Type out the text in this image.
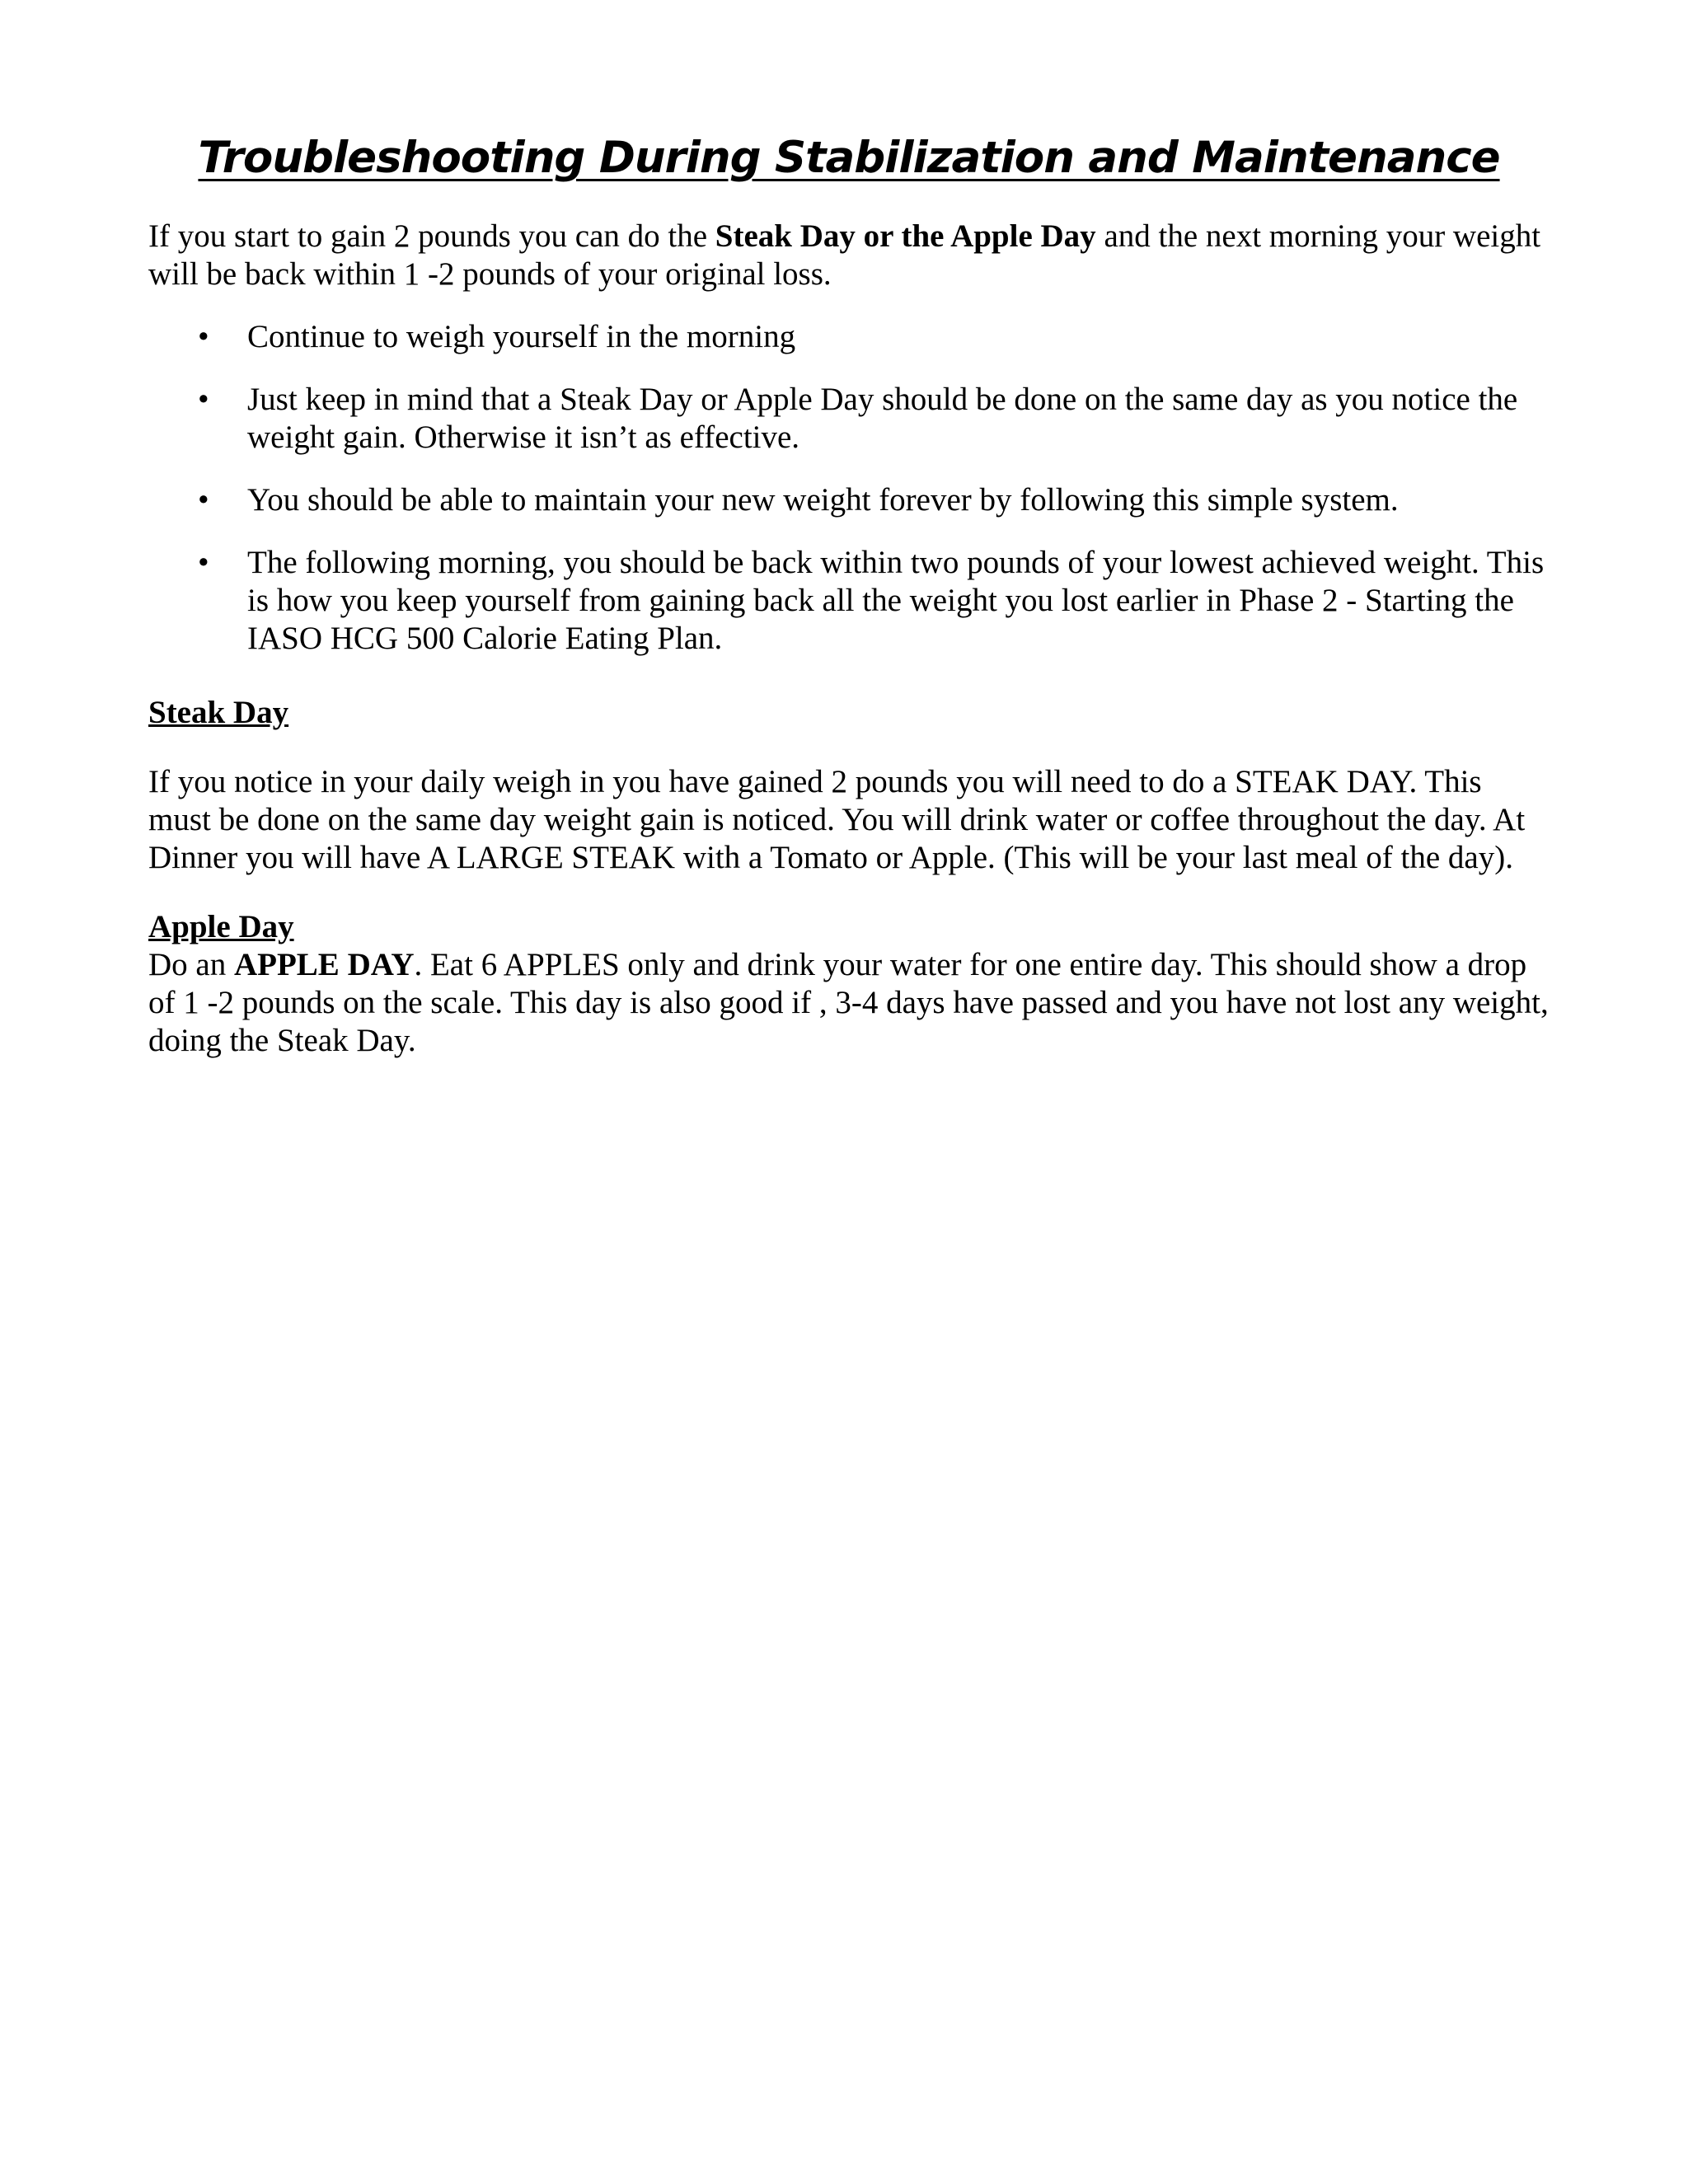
Troubleshooting During Stabilization and Maintenance

If you start to gain 2 pounds you can do the Steak Day or the Apple Day and the next morning your weight will be back within 1 -2 pounds of your original loss.

• Continue to weigh yourself in the morning
• Just keep in mind that a Steak Day or Apple Day should be done on the same day as you notice the weight gain. Otherwise it isn’t as effective.
• You should be able to maintain your new weight forever by following this simple system.
• The following morning, you should be back within two pounds of your lowest achieved weight. This is how you keep yourself from gaining back all the weight you lost earlier in Phase 2 - Starting the IASO HCG 500 Calorie Eating Plan.
Steak Day

If you notice in your daily weigh in you have gained 2 pounds you will need to do a STEAK DAY. This must be done on the same day weight gain is noticed. You will drink water or coffee throughout the day. At Dinner you will have A LARGE STEAK with a Tomato or Apple. (This will be your last meal of the day).

Apple Day

Do an APPLE DAY. Eat 6 APPLES only and drink your water for one entire day. This should show a drop of 1 -2 pounds on the scale. This day is also good if , 3-4 days have passed and you have not lost any weight, doing the Steak Day.
